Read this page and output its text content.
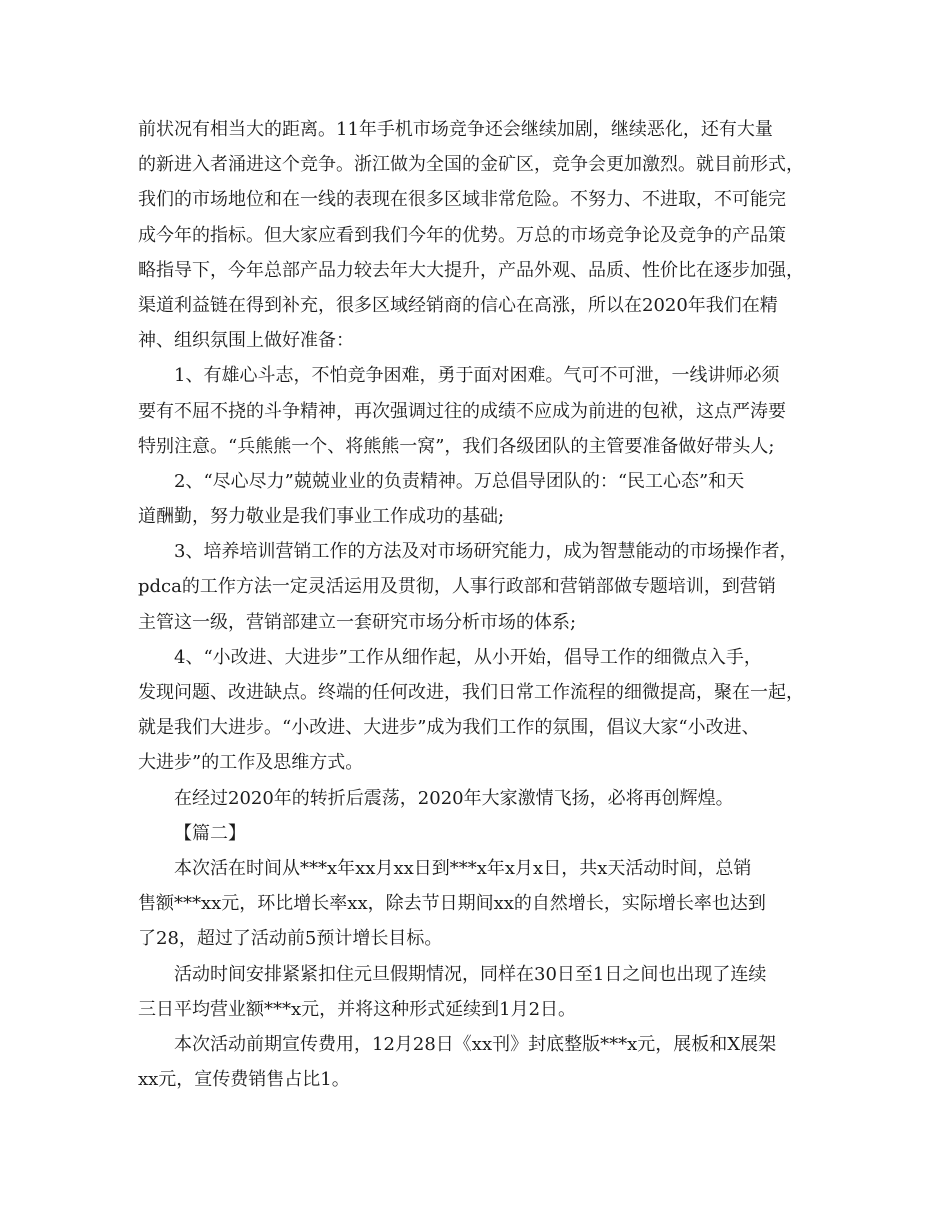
前状况有相当大的距离。11年手机市场竞争还会继续加剧，继续恶化，还有大量
的新进入者涌进这个竞争。浙江做为全国的金矿区，竞争会更加激烈。就目前形式，
我们的市场地位和在一线的表现在很多区域非常危险。不努力、不进取，不可能完
成今年的指标。但大家应看到我们今年的优势。万总的市场竞争论及竞争的产品策
略指导下，今年总部产品力较去年大大提升，产品外观、品质、性价比在逐步加强，
渠道利益链在得到补充，很多区域经销商的信心在高涨，所以在2020年我们在精
神、组织氛围上做好准备：
1、有雄心斗志，不怕竞争困难，勇于面对困难。气可不可泄，一线讲师必须
要有不屈不挠的斗争精神，再次强调过往的成绩不应成为前进的包袱，这点严涛要
特别注意。“兵熊熊一个、将熊熊一窝”，我们各级团队的主管要准备做好带头人;
2、“尽心尽力”兢兢业业的负责精神。万总倡导团队的：“民工心态”和天
道酬勤，努力敬业是我们事业工作成功的基础;
3、培养培训营销工作的方法及对市场研究能力，成为智慧能动的市场操作者，
pdca的工作方法一定灵活运用及贯彻，人事行政部和营销部做专题培训，到营销
主管这一级，营销部建立一套研究市场分析市场的体系;
4、“小改进、大进步”工作从细作起，从小开始，倡导工作的细微点入手，
发现问题、改进缺点。终端的任何改进，我们日常工作流程的细微提高，聚在一起，
就是我们大进步。“小改进、大进步”成为我们工作的氛围，倡议大家“小改进、
大进步”的工作及思维方式。
在经过2020年的转折后震荡，2020年大家激情飞扬，必将再创辉煌。
【篇二】
本次活在时间从***x年xx月xx日到***x年x月x日，共x天活动时间，总销
售额***xx元，环比增长率xx，除去节日期间xx的自然增长，实际增长率也达到
了28，超过了活动前5预计增长目标。
活动时间安排紧紧扣住元旦假期情况，同样在30日至1日之间也出现了连续
三日平均营业额***x元，并将这种形式延续到1月2日。
本次活动前期宣传费用，12月28日《xx刊》封底整版***x元，展板和X展架
xx元，宣传费销售占比1。
